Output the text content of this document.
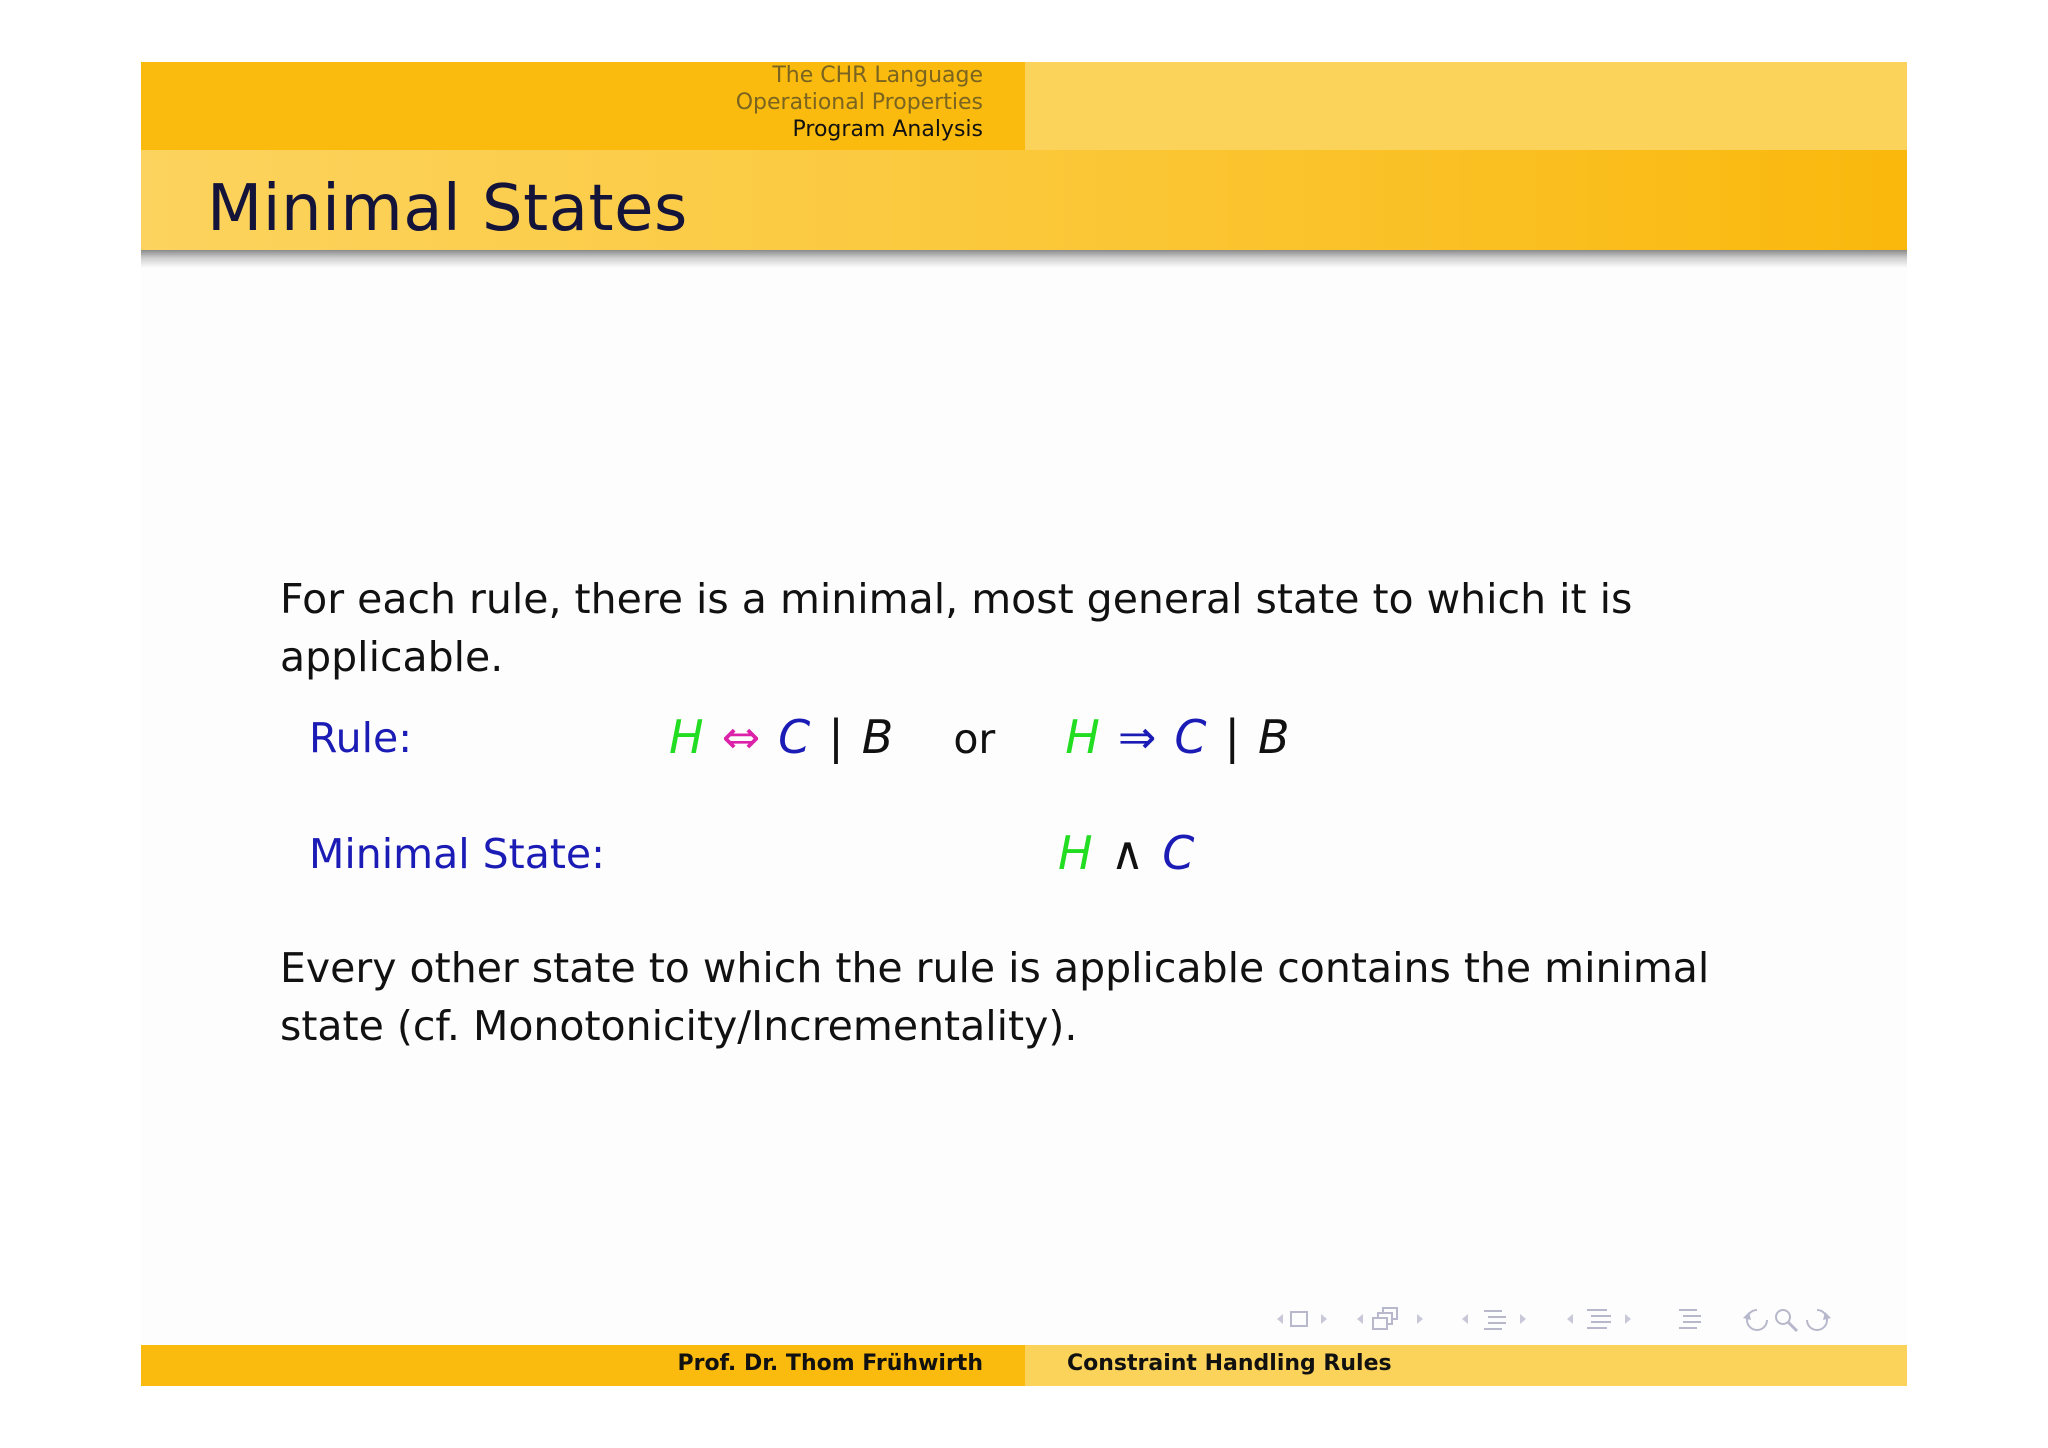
The CHR Language
Operational Properties
Program Analysis
Minimal States

For each rule, there is a minimal, most general state to which it is applicable.

Rule:	H ⇔ C | B or H ⇒ C | B
Minimal State:	H ∧ C

Every other state to which the rule is applicable contains the minimal state (cf. Monotonicity/Incrementality).

Prof. Dr. Thom Frühwirth	Constraint Handling Rules
